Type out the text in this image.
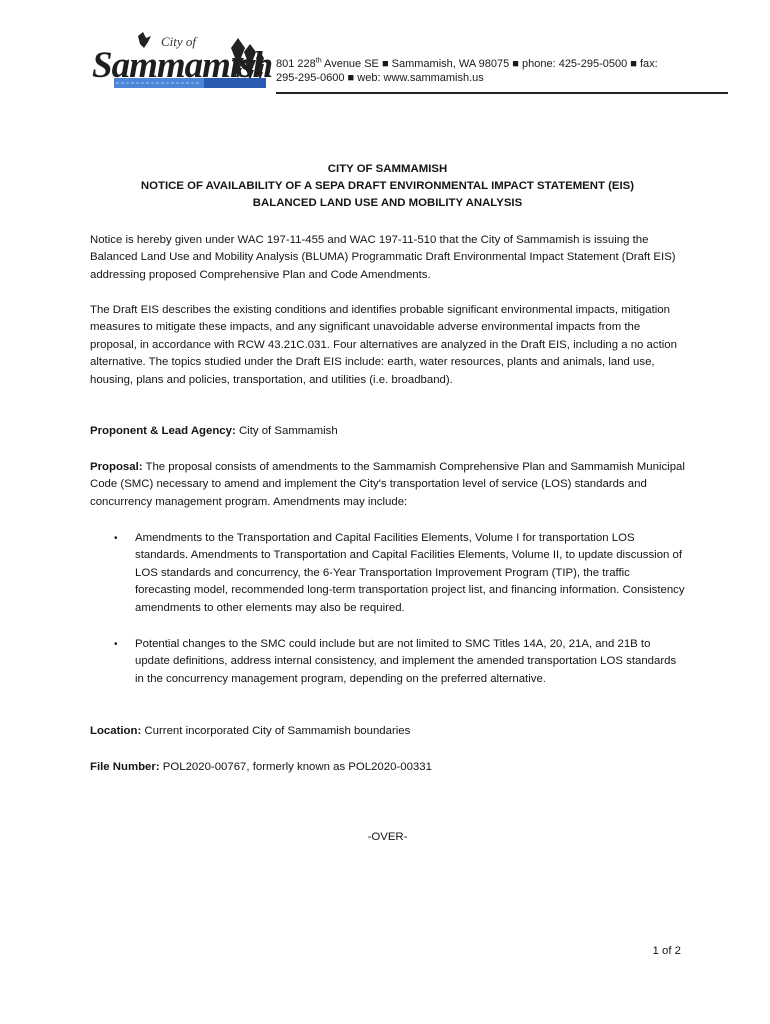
City of
Sammamish
Washington
801 228th Avenue SE ■ Sammamish, WA 98075 ■ phone: 425-295-0500 ■ fax:
295-295-0600 ■ web: www.sammamish.us
CITY OF SAMMAMISH
NOTICE OF AVAILABILITY OF A SEPA DRAFT ENVIRONMENTAL IMPACT STATEMENT (EIS)
BALANCED LAND USE AND MOBILITY ANALYSIS
Notice is hereby given under WAC 197-11-455 and WAC 197-11-510 that the City of Sammamish is issuing the Balanced Land Use and Mobility Analysis (BLUMA) Programmatic Draft Environmental Impact Statement (Draft EIS) addressing proposed Comprehensive Plan and Code Amendments.
The Draft EIS describes the existing conditions and identifies probable significant environmental impacts, mitigation measures to mitigate these impacts, and any significant unavoidable adverse environmental impacts from the proposal, in accordance with RCW 43.21C.031. Four alternatives are analyzed in the Draft EIS, including a no action alternative. The topics studied under the Draft EIS include: earth, water resources, plants and animals, land use, housing, plans and policies, transportation, and utilities (i.e. broadband).
Proponent & Lead Agency: City of Sammamish
Proposal: The proposal consists of amendments to the Sammamish Comprehensive Plan and Sammamish Municipal Code (SMC) necessary to amend and implement the City's transportation level of service (LOS) standards and concurrency management program. Amendments may include:
• Amendments to the Transportation and Capital Facilities Elements, Volume I for transportation LOS standards. Amendments to Transportation and Capital Facilities Elements, Volume II, to update discussion of LOS standards and concurrency, the 6-Year Transportation Improvement Program (TIP), the traffic forecasting model, recommended long-term transportation project list, and financing information. Consistency amendments to other elements may also be required.
• Potential changes to the SMC could include but are not limited to SMC Titles 14A, 20, 21A, and 21B to update definitions, address internal consistency, and implement the amended transportation LOS standards in the concurrency management program, depending on the preferred alternative.
Location: Current incorporated City of Sammamish boundaries
File Number: POL2020-00767, formerly known as POL2020-00331
-OVER-
1 of 2
